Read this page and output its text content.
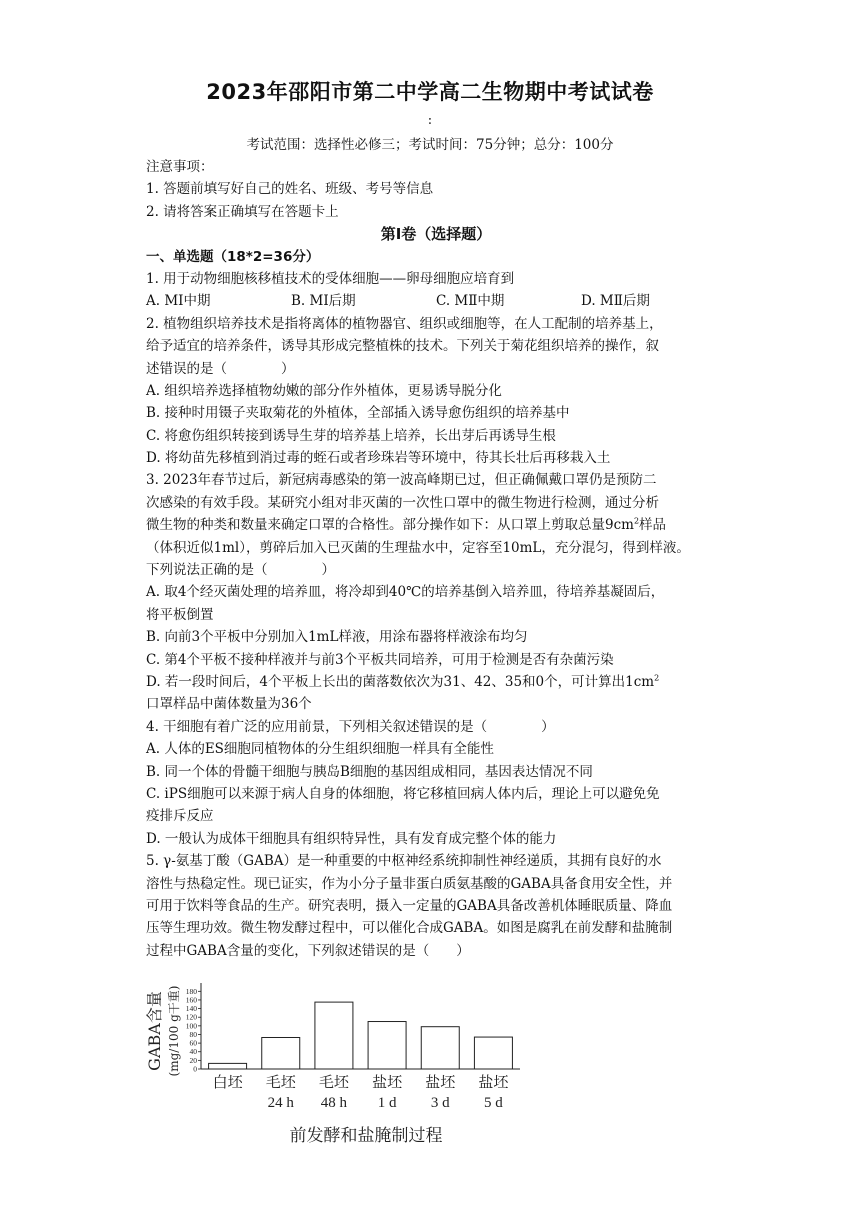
2023年邵阳市第二中学高二生物期中考试试卷
:
考试范围：选择性必修三；考试时间：75分钟；总分：100分
注意事项：
1. 答题前填写好自己的姓名、班级、考号等信息
2. 请将答案正确填写在答题卡上
第Ⅰ卷（选择题）
一、单选题（18*2=36分）
1. 用于动物细胞核移植技术的受体细胞——卵母细胞应培育到
A. MⅠ中期	B. MⅠ后期	C. MⅡ中期	D. MⅡ后期
2. 植物组织培养技术是指将离体的植物器官、组织或细胞等，在人工配制的培养基上，
给予适宜的培养条件，诱导其形成完整植株的技术。下列关于菊花组织培养的操作，叙
述错误的是（　　　　）
A. 组织培养选择植物幼嫩的部分作外植体，更易诱导脱分化
B. 接种时用镊子夹取菊花的外植体，全部插入诱导愈伤组织的培养基中
C. 将愈伤组织转接到诱导生芽的培养基上培养，长出芽后再诱导生根
D. 将幼苗先移植到消过毒的蛭石或者珍珠岩等环境中，待其长壮后再移栽入土
3. 2023年春节过后，新冠病毒感染的第一波高峰期已过，但正确佩戴口罩仍是预防二
次感染的有效手段。某研究小组对非灭菌的一次性口罩中的微生物进行检测，通过分析
微生物的种类和数量来确定口罩的合格性。部分操作如下：从口罩上剪取总量$9cm^2$样品
（体积近似1ml），剪碎后加入已灭菌的生理盐水中，定容至10mL，充分混匀，得到样液。
下列说法正确的是（　　　　）
A. 取4个经灭菌处理的培养皿，将冷却到40℃的培养基倒入培养皿，待培养基凝固后，
将平板倒置
B. 向前3个平板中分别加入1mL样液，用涂布器将样液涂布均匀
C. 第4个平板不接种样液并与前3个平板共同培养，可用于检测是否有杂菌污染
D. 若一段时间后，4个平板上长出的菌落数依次为31、42、35和0个，可计算出$1cm^2$
口罩样品中菌体数量为36个
4. 干细胞有着广泛的应用前景，下列相关叙述错误的是（　　　　）
A. 人体的ES细胞同植物体的分生组织细胞一样具有全能性
B. 同一个体的骨髓干细胞与胰岛B细胞的基因组成相同，基因表达情况不同
C. iPS细胞可以来源于病人自身的体细胞，将它移植回病人体内后，理论上可以避免免
疫排斥反应
D. 一般认为成体干细胞具有组织特异性，具有发育成完整个体的能力
5. γ-氨基丁酸（GABA）是一种重要的中枢神经系统抑制性神经递质，其拥有良好的水
溶性与热稳定性。现已证实，作为小分子量非蛋白质氨基酸的GABA具备食用安全性，并
可用于饮料等食品的生产。研究表明，摄入一定量的GABA具备改善机体睡眠质量、降血
压等生理功效。微生物发酵过程中，可以催化合成GABA。如图是腐乳在前发酵和盐腌制
过程中GABA含量的变化，下列叙述错误的是（　　）
0
20
40
60
80
100
120
140
160
180
GABA含量 (mg/100 g干重)
白坯 毛坯
24 h
毛坯
48 h
盐坯
1 d
盐坯
3 d
盐坯
5 d
前发酵和盐腌制过程
